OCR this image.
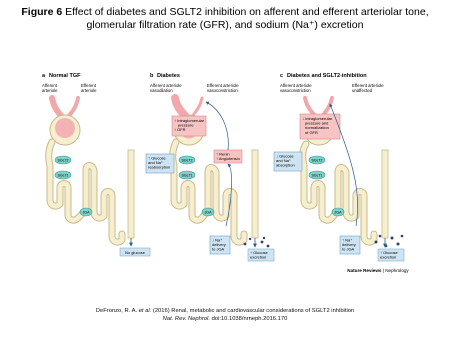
Figure 6 Effect of diabetes and SGLT2 inhibition on afferent and efferent arteriolar tone, glomerular filtration rate (GFR), and sodium (Na⁺) excretion
a Normal TGF
Afferent arteriole
Efferent arteriole
SGLT2
SGLT1
JGA
No glucose
b Diabetes
Afferent arteriole vasodilation
Efferent arteriole vasoconstriction
↑ Intraglomerular pressure ↑ GFR
↑ Glucose and Na⁺ reabsorption
↑ Renin ↑ Angiotensin
SGLT2
SGLT1
JGA
↓ Na⁺ delivery to JGA
↑ Glucose excretion
c Diabetes and SGLT2-inhibition
Afferent arteriole vasoconstriction
Efferent arteriole unaffected
↓ Intraglomerular pressure and normalization of GFR
↓ Glucose and Na⁺ absorption
SGLT2
SGLT1
JGA
↑ Na⁺ delivery to JGA
↑ Glucose excretion
Nature Reviews | Nephrology
DeFronzo, R. A. et al. (2016) Renal, metabolic and cardiovascular considerations of SGLT2 inhibition
Nat. Rev. Nephrol. doi:10.1038/nrneph.2016.170
